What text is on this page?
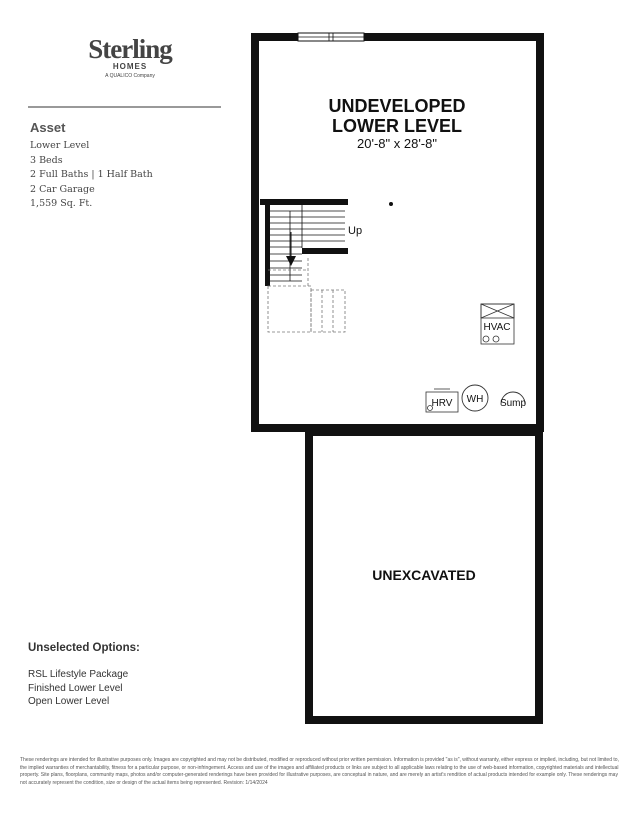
Sterling
HOMES
A QUALICO Company
Asset
Lower Level
3 Beds
2 Full Baths | 1 Half Bath
2 Car Garage
1,559 Sq. Ft.
Unselected Options:
RSL Lifestyle Package
Finished Lower Level
Open Lower Level
Up
UNDEVELOPED
LOWER LEVEL
20'-8" x 28'-8"
HVAC
HRV WH Sump
UNEXCAVATED
These renderings are intended for illustrative purposes only. Images are copyrighted and may not be distributed, modified or reproduced without prior written permission. Information is provided "as is", without warranty, either express or implied, including, but not limited to, the implied warranties of merchantability, fitness for a particular purpose, or non-infringement. Access and use of the images and affiliated products or links are subject to all applicable laws relating to the use of web-based information, copyrighted materials and intellectual property. Site plans, floorplans, community maps, photos and/or computer-generated renderings have been provided for illustrative purposes, are conceptual in nature, and are merely an artist's rendition of actual products intended for example only. These renderings may not accurately represent the condition, size or design of the actual items being represented. Revision: 1/14/2024
